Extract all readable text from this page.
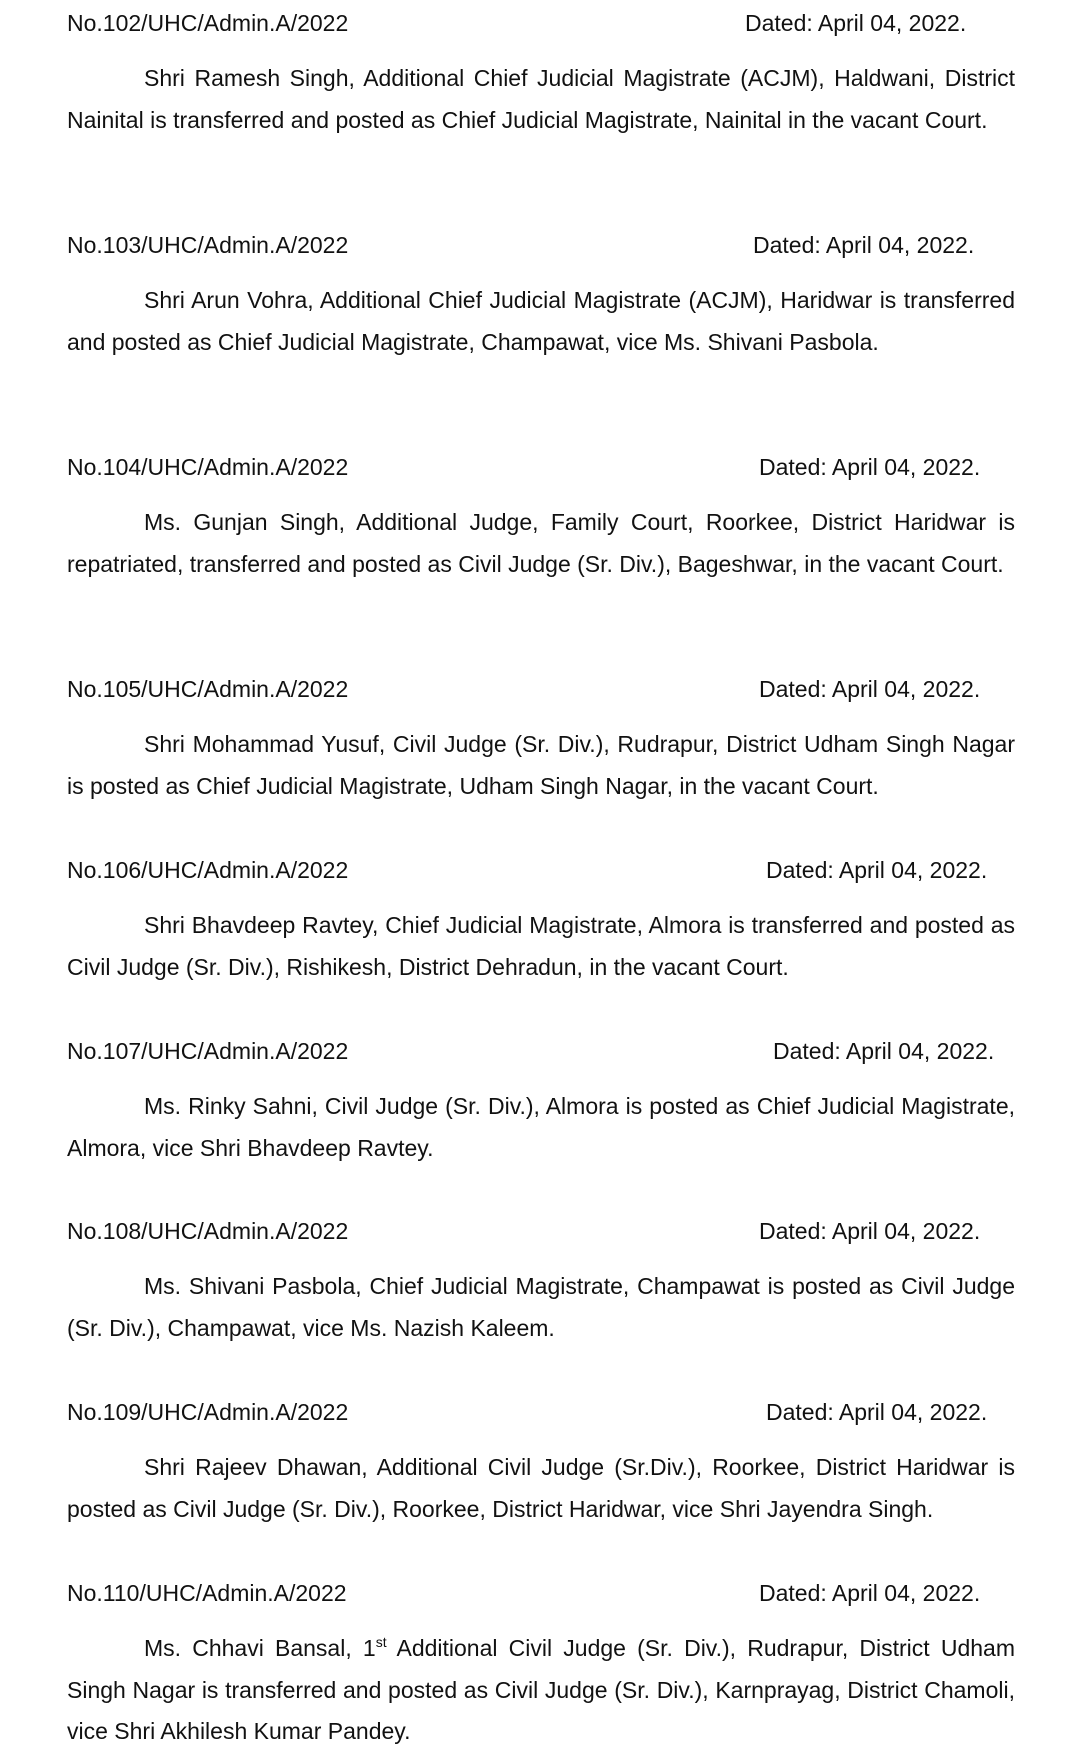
No.102/UHC/Admin.A/2022	Dated: April 04, 2022.
Shri Ramesh Singh, Additional Chief Judicial Magistrate (ACJM), Haldwani, District Nainital is transferred and posted as Chief Judicial Magistrate, Nainital in the vacant Court.
No.103/UHC/Admin.A/2022	Dated: April 04, 2022.
Shri Arun Vohra, Additional Chief Judicial Magistrate (ACJM), Haridwar is transferred and posted as Chief Judicial Magistrate, Champawat, vice Ms. Shivani Pasbola.
No.104/UHC/Admin.A/2022	Dated: April 04, 2022.
Ms. Gunjan Singh, Additional Judge, Family Court, Roorkee, District Haridwar is repatriated, transferred and posted as Civil Judge (Sr. Div.), Bageshwar, in the vacant Court.
No.105/UHC/Admin.A/2022	Dated: April 04, 2022.
Shri Mohammad Yusuf, Civil Judge (Sr. Div.), Rudrapur, District Udham Singh Nagar is posted as Chief Judicial Magistrate, Udham Singh Nagar, in the vacant Court.
No.106/UHC/Admin.A/2022	Dated: April 04, 2022.
Shri Bhavdeep Ravtey, Chief Judicial Magistrate, Almora is transferred and posted as Civil Judge (Sr. Div.), Rishikesh, District Dehradun, in the vacant Court.
No.107/UHC/Admin.A/2022	Dated: April 04, 2022.
Ms. Rinky Sahni, Civil Judge (Sr. Div.), Almora is posted as Chief Judicial Magistrate, Almora, vice Shri Bhavdeep Ravtey.
No.108/UHC/Admin.A/2022	Dated: April 04, 2022.
Ms. Shivani Pasbola, Chief Judicial Magistrate, Champawat is posted as Civil Judge (Sr. Div.), Champawat, vice Ms. Nazish Kaleem.
No.109/UHC/Admin.A/2022	Dated: April 04, 2022.
Shri Rajeev Dhawan, Additional Civil Judge (Sr.Div.), Roorkee, District Haridwar is posted as Civil Judge (Sr. Div.), Roorkee, District Haridwar, vice Shri Jayendra Singh.
No.110/UHC/Admin.A/2022	Dated: April 04, 2022.
Ms. Chhavi Bansal, 1st Additional Civil Judge (Sr. Div.), Rudrapur, District Udham Singh Nagar is transferred and posted as Civil Judge (Sr. Div.), Karnprayag, District Chamoli, vice Shri Akhilesh Kumar Pandey.
